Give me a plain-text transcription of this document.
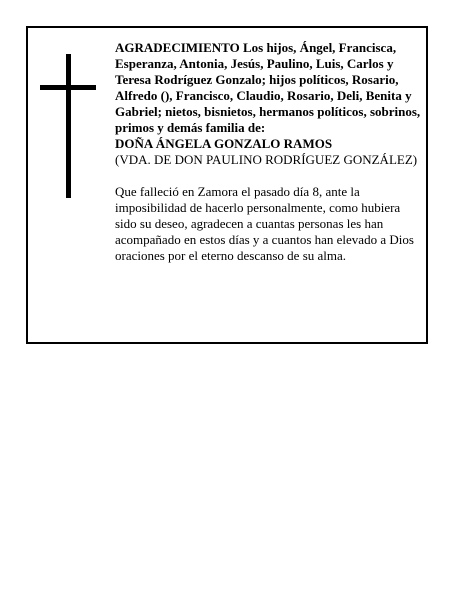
AGRADECIMIENTO Los hijos, Ángel, Francisca, Esperanza, Antonia, Jesús, Paulino, Luis, Carlos y Teresa Rodríguez Gonzalo; hijos políticos, Rosario, Alfredo (), Francisco, Claudio, Rosario, Deli, Benita y Gabriel; nietos, bisnietos, hermanos políticos, sobrinos, primos y demás familia de:

DOÑA ÁNGELA GONZALO RAMOS

(VDA. DE DON PAULINO RODRÍGUEZ GONZÁLEZ)

Que falleció en Zamora el pasado día 8, ante la imposibilidad de hacerlo personalmente, como hubiera sido su deseo, agradecen a cuantas personas les han acompañado en estos días y a cuantos han elevado a Dios oraciones por el eterno descanso de su alma.
